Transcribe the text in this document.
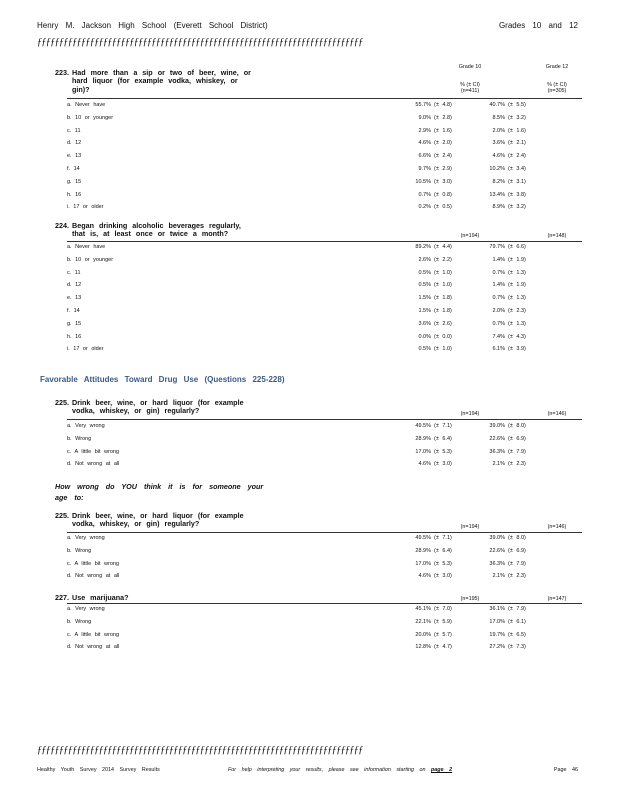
Henry M. Jackson High School (Everett School District)	Grades 10 and 12
ƒƒƒƒƒƒƒƒƒƒƒƒƒƒƒƒƒƒƒƒƒƒƒƒƒƒƒƒƒƒƒƒƒƒƒƒƒƒƒƒƒƒƒƒƒƒƒƒƒƒƒƒƒƒƒƒƒƒƒƒƒƒƒƒƒƒƒƒƒƒƒƒƒƒ
223. Had more than a sip or two of beer, wine, or
hard liquor (for example vodka, whiskey, or
gin)?
Grade 10	Grade 12
% (± CI)	% (± CI)
(n=411)	(n=305)
a. Never have	55.7% (± 4.8)	40.7% (± 5.5)
b. 10 or younger	9.0% (± 2.8)	8.5% (± 3.2)
c. 11	2.9% (± 1.6)	2.0% (± 1.6)
d. 12	4.6% (± 2.0)	3.6% (± 2.1)
e. 13	6.6% (± 2.4)	4.6% (± 2.4)
f. 14	9.7% (± 2.9)	10.2% (± 3.4)
g. 15	10.5% (± 3.0)	8.2% (± 3.1)
h. 16	0.7% (± 0.8)	13.4% (± 3.8)
i. 17 or older	0.2% (± 0.5)	8.9% (± 3.2)
224. Began drinking alcoholic beverages regularly,
that is, at least once or twice a month?	(n=194)	(n=148)
a. Never have	89.2% (± 4.4)	79.7% (± 6.6)
b. 10 or younger	2.6% (± 2.2)	1.4% (± 1.9)
c. 11	0.5% (± 1.0)	0.7% (± 1.3)
d. 12	0.5% (± 1.0)	1.4% (± 1.9)
e. 13	1.5% (± 1.8)	0.7% (± 1.3)
f. 14	1.5% (± 1.8)	2.0% (± 2.3)
g. 15	3.6% (± 2.6)	0.7% (± 1.3)
h. 16	0.0% (± 0.0)	7.4% (± 4.3)
i. 17 or older	0.5% (± 1.0)	6.1% (± 3.9)
Favorable Attitudes Toward Drug Use (Questions 225-228)
225. Drink beer, wine, or hard liquor (for example
vodka, whiskey, or gin) regularly?	(n=194)	(n=146)
a. Very wrong	49.5% (± 7.1)	39.0% (± 8.0)
b. Wrong	28.9% (± 6.4)	22.6% (± 6.9)
c. A little bit wrong	17.0% (± 5.3)	36.3% (± 7.9)
d. Not wrong at all	4.6% (± 3.0)	2.1% (± 2.3)
How wrong do YOU think it is for someone your
age to:
225. Drink beer, wine, or hard liquor (for example
vodka, whiskey, or gin) regularly?	(n=194)	(n=146)
a. Very wrong	49.5% (± 7.1)	39.0% (± 8.0)
b. Wrong	28.9% (± 6.4)	22.6% (± 6.9)
c. A little bit wrong	17.0% (± 5.3)	36.3% (± 7.9)
d. Not wrong at all	4.6% (± 3.0)	2.1% (± 2.3)
227. Use marijuana?	(n=195)	(n=147)
a. Very wrong	45.1% (± 7.0)	36.1% (± 7.9)
b. Wrong	22.1% (± 5.9)	17.0% (± 6.1)
c. A little bit wrong	20.0% (± 5.7)	19.7% (± 6.5)
d. Not wrong at all	12.8% (± 4.7)	27.2% (± 7.3)
ƒƒƒƒƒƒƒƒƒƒƒƒƒƒƒƒƒƒƒƒƒƒƒƒƒƒƒƒƒƒƒƒƒƒƒƒƒƒƒƒƒƒƒƒƒƒƒƒƒƒƒƒƒƒƒƒƒƒƒƒƒƒƒƒƒƒƒƒƒƒƒƒƒƒ
Healthy Youth Survey 2014 Survey Results	For help interpreting your results, please see information starting on page 2	Page 46
